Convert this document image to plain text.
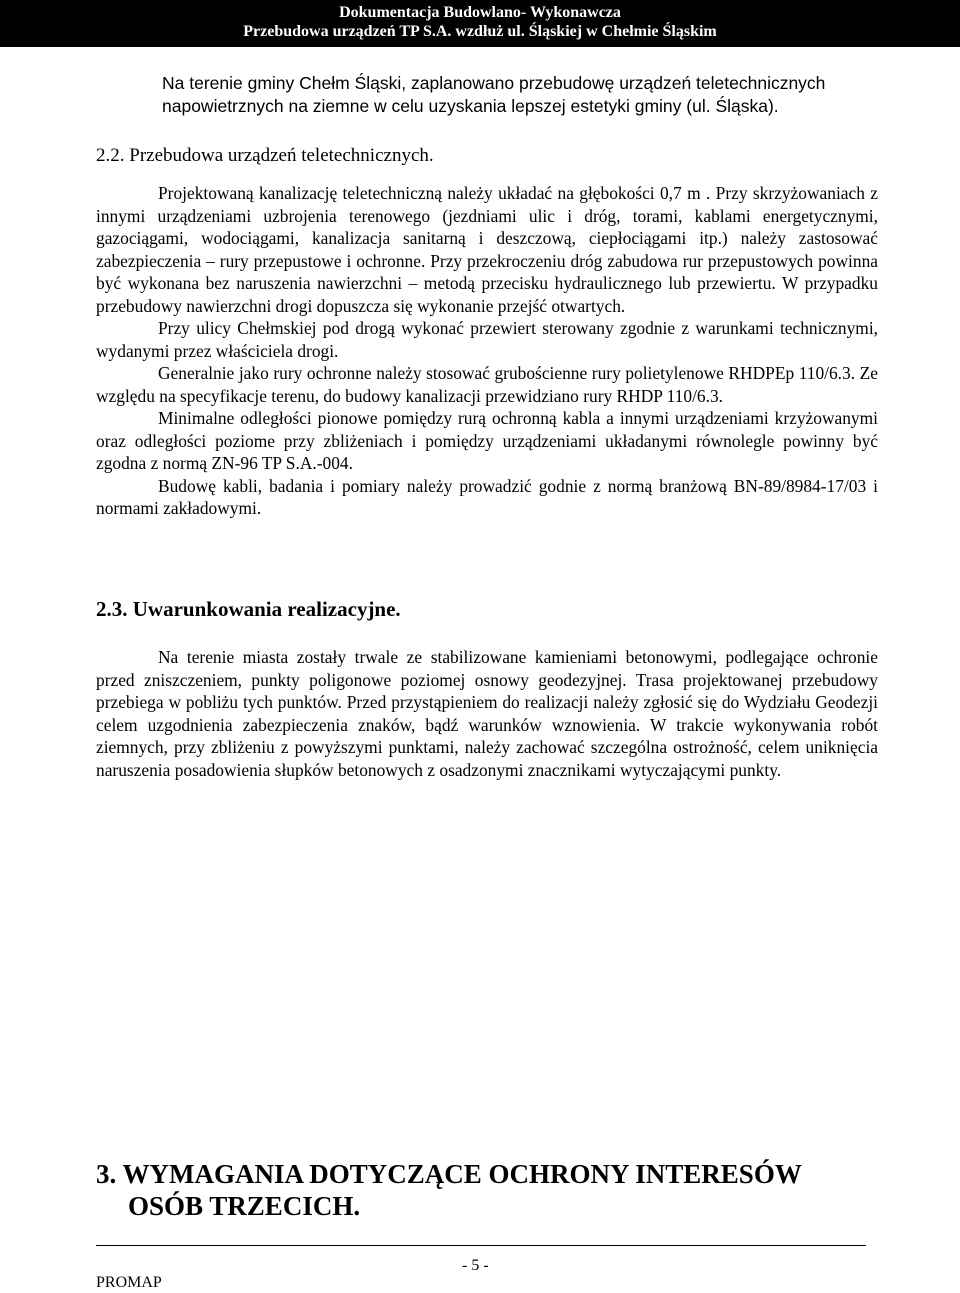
Dokumentacja Budowlano- Wykonawcza
Przebudowa urządzeń TP S.A. wzdłuż ul. Śląskiej w Chełmie Śląskim
Na terenie gminy Chełm Śląski, zaplanowano przebudowę urządzeń teletechnicznych napowietrznych na ziemne w celu uzyskania lepszej estetyki gminy (ul. Śląska).
2.2. Przebudowa urządzeń teletechnicznych.

Projektowaną kanalizację teletechniczną należy układać na głębokości 0,7 m . Przy skrzyżowaniach z innymi urządzeniami uzbrojenia terenowego (jezdniami ulic i dróg, torami, kablami energetycznymi, gazociągami, wodociągami, kanalizacja sanitarną i deszczową, ciepłociągami itp.) należy zastosować zabezpieczenia – rury przepustowe i ochronne. Przy przekroczeniu dróg zabudowa rur przepustowych powinna być wykonana bez naruszenia nawierzchni – metodą przecisku hydraulicznego lub przewiertu. W przypadku przebudowy nawierzchni drogi dopuszcza się wykonanie przejść otwartych.

Przy ulicy Chełmskiej pod drogą wykonać przewiert sterowany zgodnie z warunkami technicznymi, wydanymi przez właściciela drogi.

Generalnie jako rury ochronne należy stosować grubościenne rury polietylenowe RHDPEp 110/6.3. Ze względu na specyfikacje terenu, do budowy kanalizacji przewidziano rury RHDP 110/6.3.

Minimalne odległości pionowe pomiędzy rurą ochronną kabla a innymi urządzeniami krzyżowanymi oraz odległości poziome przy zbliżeniach i pomiędzy urządzeniami układanymi równolegle powinny być zgodna z normą ZN-96 TP S.A.-004.

Budowę kabli, badania i pomiary należy prowadzić godnie z normą branżową BN-89/8984-17/03 i normami zakładowymi.

2.3. Uwarunkowania realizacyjne.

Na terenie miasta zostały trwale ze stabilizowane kamieniami betonowymi, podlegające ochronie przed zniszczeniem, punkty poligonowe poziomej osnowy geodezyjnej. Trasa projektowanej przebudowy przebiega w pobliżu tych punktów. Przed przystąpieniem do realizacji należy zgłosić się do Wydziału Geodezji celem uzgodnienia zabezpieczenia znaków, bądź warunków wznowienia. W trakcie wykonywania robót ziemnych, przy zbliżeniu z powyższymi punktami, należy zachować szczególna ostrożność, celem uniknięcia naruszenia posadowienia słupków betonowych z osadzonymi znacznikami wytyczającymi punkty.

3. WYMAGANIA DOTYCZĄCE OCHRONY INTERESÓW
OSÓB TRZECICH.
- 5 -
PROMAP
